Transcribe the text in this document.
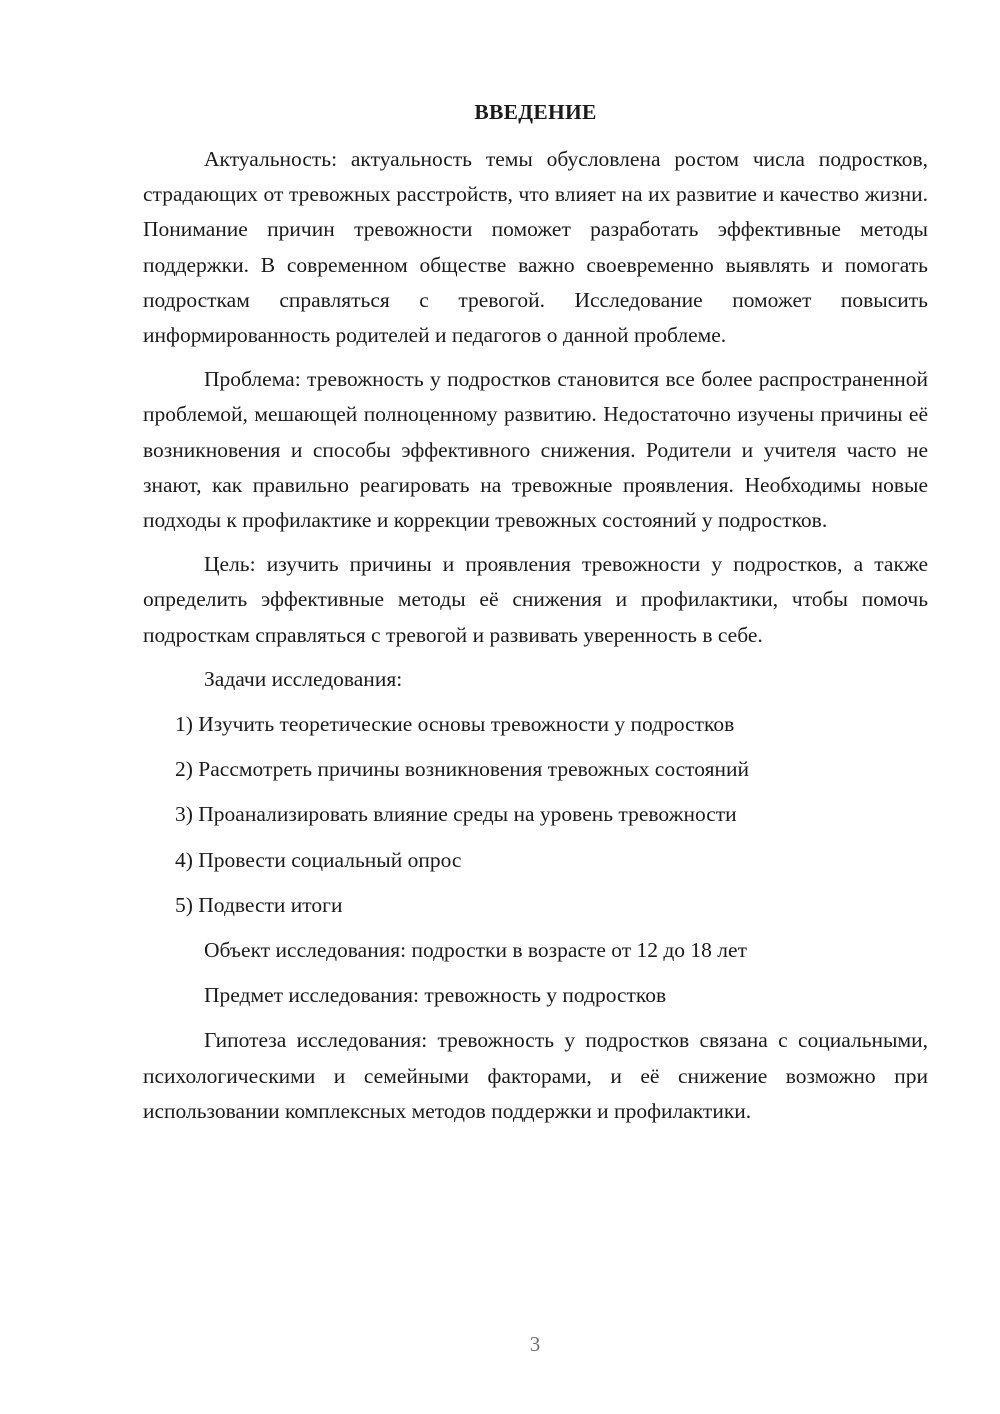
ВВЕДЕНИЕ

Актуальность: актуальность темы обусловлена ростом числа подростков, страдающих от тревожных расстройств, что влияет на их развитие и качество жизни. Понимание причин тревожности поможет разработать эффективные методы поддержки. В современном обществе важно своевременно выявлять и помогать подросткам справляться с тревогой. Исследование поможет повысить информированность родителей и педагогов о данной проблеме.

Проблема: тревожность у подростков становится все более распространенной проблемой, мешающей полноценному развитию. Недостаточно изучены причины её возникновения и способы эффективного снижения. Родители и учителя часто не знают, как правильно реагировать на тревожные проявления. Необходимы новые подходы к профилактике и коррекции тревожных состояний у подростков.

Цель: изучить причины и проявления тревожности у подростков, а также определить эффективные методы её снижения и профилактики, чтобы помочь подросткам справляться с тревогой и развивать уверенность в себе.

Задачи исследования:

1) Изучить теоретические основы тревожности у подростков
2) Рассмотреть причины возникновения тревожных состояний
3) Проанализировать влияние среды на уровень тревожности
4) Провести социальный опрос
5) Подвести итоги

Объект исследования: подростки в возрасте от 12 до 18 лет

Предмет исследования: тревожность у подростков

Гипотеза исследования: тревожность у подростков связана с социальными, психологическими и семейными факторами, и её снижение возможно при использовании комплексных методов поддержки и профилактики.

3
